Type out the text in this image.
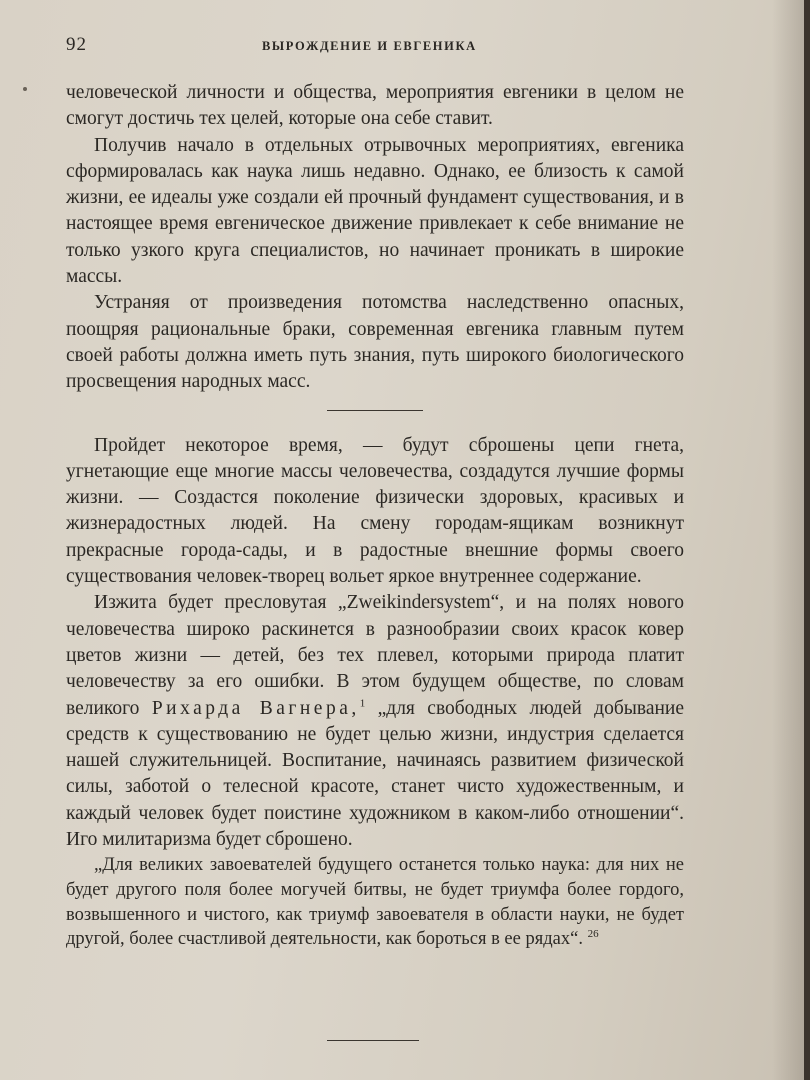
92	ВЫРОЖДЕНИЕ И ЕВГЕНИКА

человеческой личности и общества, мероприятия евгеники в целом не смогут достичь тех целей, которые она себе ставит.

Получив начало в отдельных отрывочных мероприятиях, евгеника сформировалась как наука лишь недавно. Однако, ее близость к самой жизни, ее идеалы уже создали ей прочный фундамент существования, и в настоящее время евгеническое движение привлекает к себе внимание не только узкого круга специалистов, но начинает проникать в широкие массы.

Устраняя от произведения потомства наследственно опасных, поощряя рациональные браки, современная евгеника главным путем своей работы должна иметь путь знания, путь широкого биологического просвещения народных масс.

Пройдет некоторое время, — будут сброшены цепи гнета, угнетающие еще многие массы человечества, создадутся лучшие формы жизни. — Создастся поколение физически здоровых, красивых и жизнерадостных людей. На смену городам-ящикам возникнут прекрасные города-сады, и в радостные внешние формы своего существования человек-творец вольет яркое внутреннее содержание.

Изжита будет пресловутая „Zweikindersystem“, и на полях нового человечества широко раскинется в разнообразии своих красок ковер цветов жизни — детей, без тех плевел, которыми природа платит человечеству за его ошибки. В этом будущем обществе, по словам великого Рихарда Вагнера,$^1$ „для свободных людей добывание средств к существованию не будет целью жизни, индустрия сделается нашей служительницей. Воспитание, начинаясь развитием физической силы, заботой о телесной красоте, станет чисто художественным, и каждый человек будет поистине художником в каком-либо отношении“. Иго милитаризма будет сброшено.

„Для великих завоевателей будущего останется только наука: для них не будет другого поля более могучей битвы, не будет триумфа более гордого, возвышенного и чистого, как триумф завоевателя в области науки, не будет другой, более счастливой деятельности, как бороться в ее рядах“. $^{26}$
